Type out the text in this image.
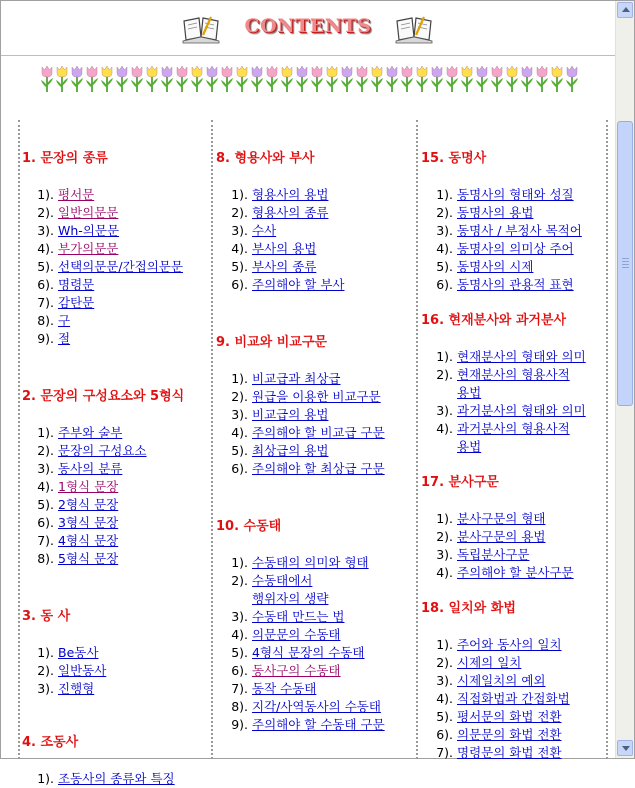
CONTENTS
1. 문장의 종류
1). 평서문
2). 일반의문문
3). Wh-의문문
4). 부가의문문
5). 선택의문문/간접의문문
6). 명령문
7). 감탄문
8). 구
9). 절
2. 문장의 구성요소와 5형식
1). 주부와 술부
2). 문장의 구성요소
3). 동사의 분류
4). 1형식 문장
5). 2형식 문장
6). 3형식 문장
7). 4형식 문장
8). 5형식 문장
3. 동 사
1). Be동사
2). 일반동사
3). 진행형
4. 조동사
1). 조동사의 종류와 특징
8. 형용사와 부사
1). 형용사의 용법
2). 형용사의 종류
3). 수사
4). 부사의 용법
5). 부사의 종류
6). 주의해야 할 부사
9. 비교와 비교구문
1). 비교급과 최상급
2). 원급을 이용한 비교구문
3). 비교급의 용법
4). 주의해야 할 비교급 구문
5). 최상급의 용법
6). 주의해야 할 최상급 구문
10. 수동태
1). 수동태의 의미와 형태
2). 수동태에서
행위자의 생략
3). 수동태 만드는 법
4). 의문문의 수동태
5). 4형식 문장의 수동태
6). 동사구의 수동태
7). 동작 수동태
8). 지각/사역동사의 수동태
9). 주의해야 할 수동태 구문
15. 동명사
1). 동명사의 형태와 성질
2). 동명사의 용법
3). 동명사 / 부정사 목적어
4). 동명사의 의미상 주어
5). 동명사의 시제
6). 동명사의 관용적 표현
16. 현재분사와 과거분사
1). 현재분사의 형태와 의미
2). 현재분사의 형용사적
용법
3). 과거분사의 형태와 의미
4). 과거분사의 형용사적
용법
17. 분사구문
1). 분사구문의 형태
2). 분사구문의 용법
3). 독립분사구문
4). 주의해야 할 분사구문
18. 일치와 화법
1). 주어와 동사의 일치
2). 시제의 일치
3). 시제일치의 예외
4). 직접화법과 간접화법
5). 평서문의 화법 전환
6). 의문문의 화법 전환
7). 명령문의 화법 전환
